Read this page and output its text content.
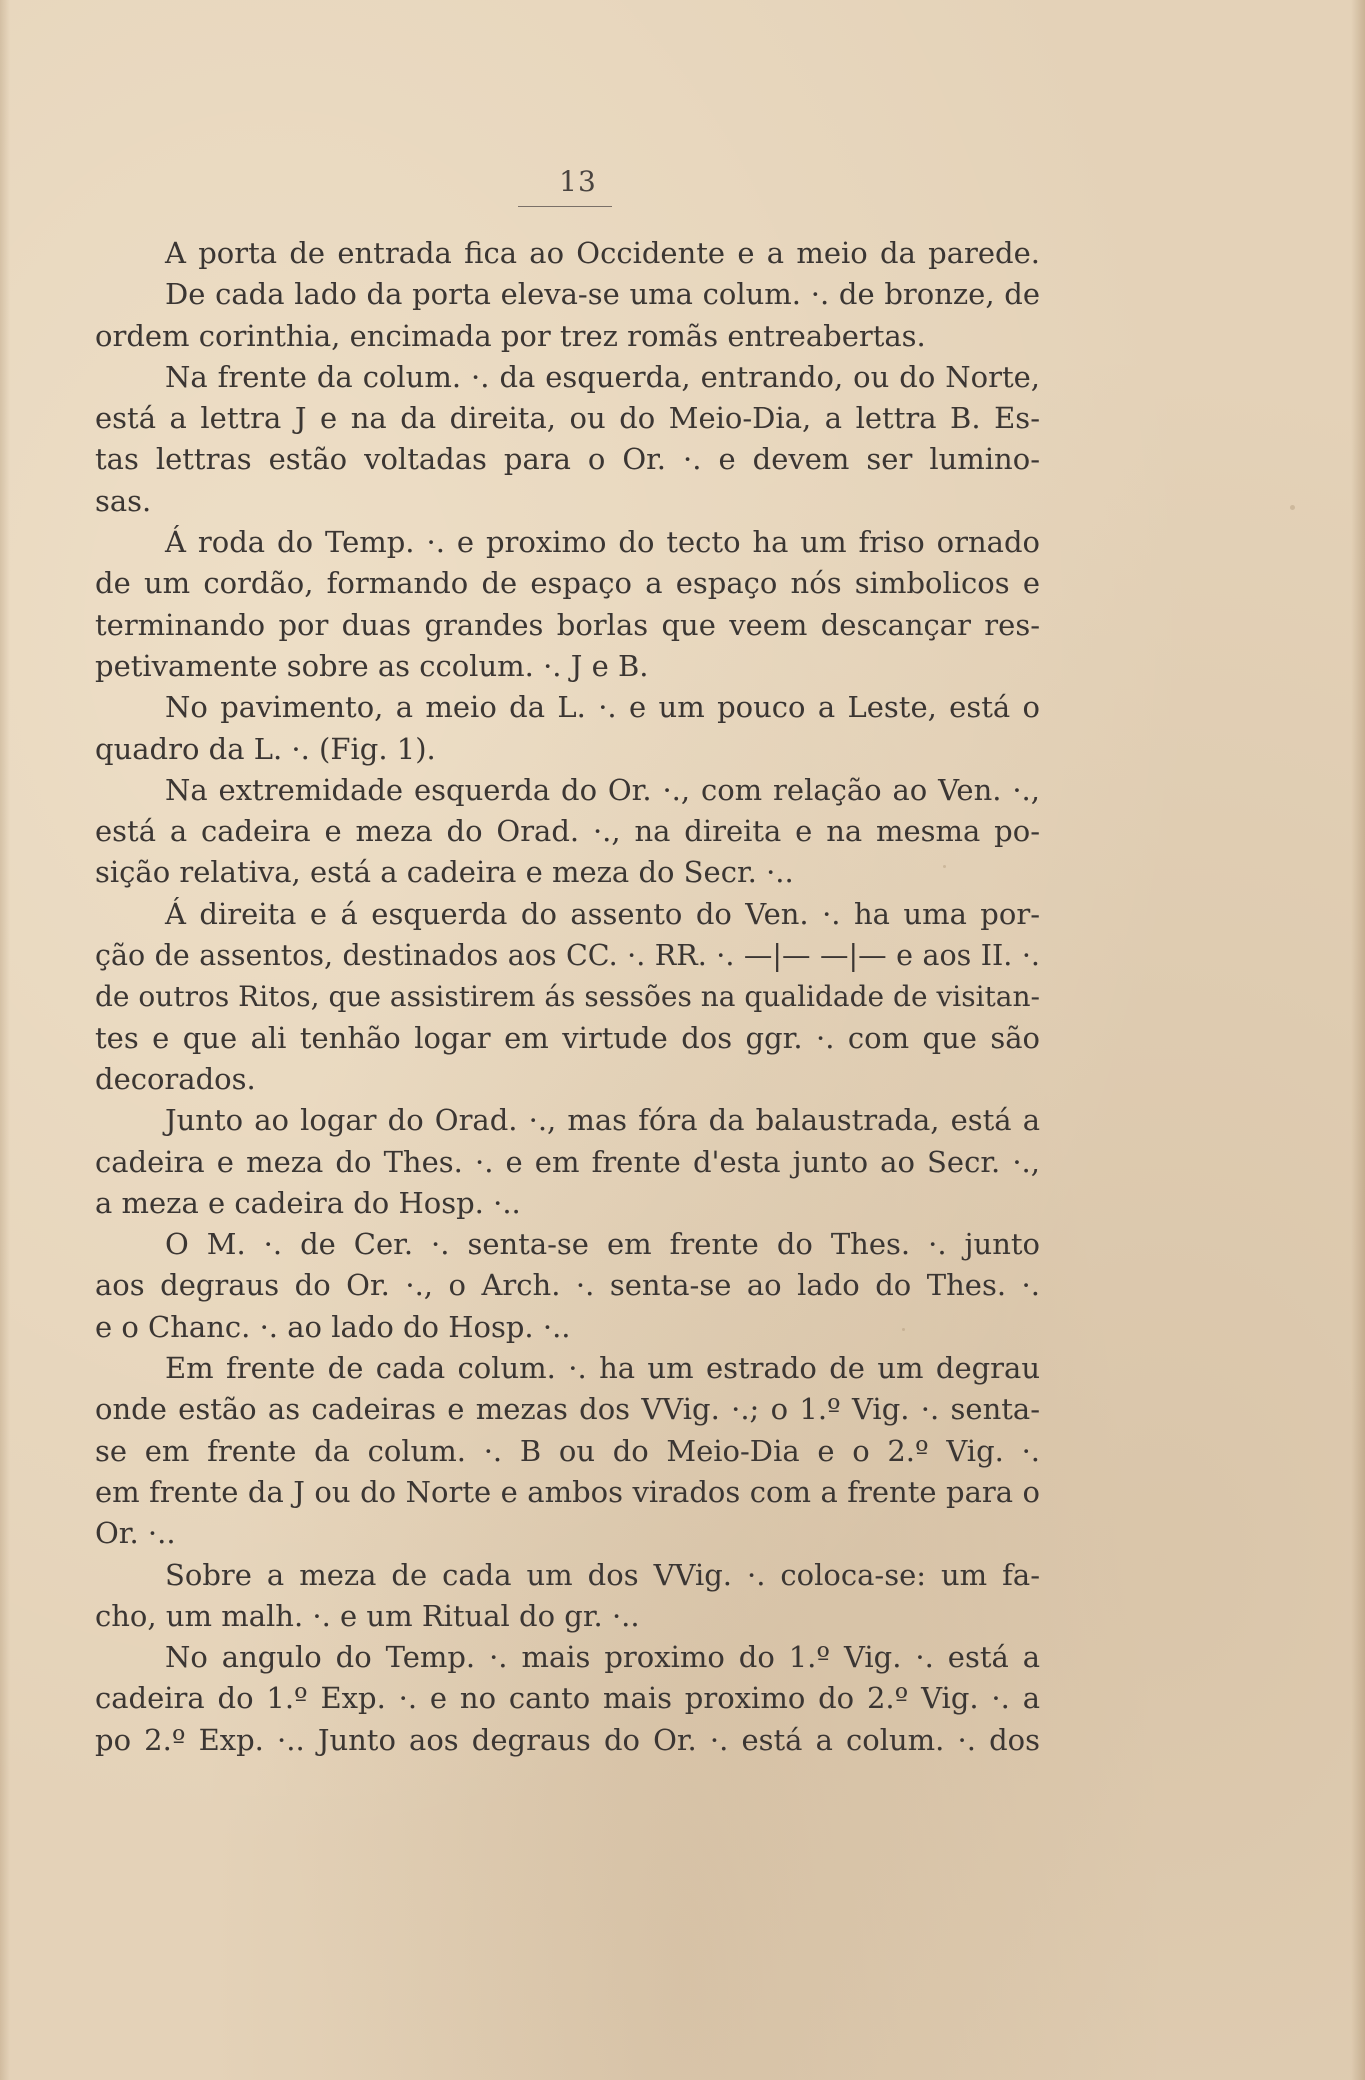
13
A porta de entrada fica ao Occidente e a meio da parede.
De cada lado da porta eleva-se uma colum. ·. de bronze, de
ordem corinthia, encimada por trez romãs entreabertas.
Na frente da colum. ·. da esquerda, entrando, ou do Norte,
está a lettra J e na da direita, ou do Meio-Dia, a lettra B. Es-
tas lettras estão voltadas para o Or. ·. e devem ser lumino-
sas.
Á roda do Temp. ·. e proximo do tecto ha um friso ornado
de um cordão, formando de espaço a espaço nós simbolicos e
terminando por duas grandes borlas que veem descançar res-
petivamente sobre as ccolum. ·. J e B.
No pavimento, a meio da L. ·. e um pouco a Leste, está o
quadro da L. ·. (Fig. 1).
Na extremidade esquerda do Or. ·., com relação ao Ven. ·.,
está a cadeira e meza do Orad. ·., na direita e na mesma po-
sição relativa, está a cadeira e meza do Secr. ·..
Á direita e á esquerda do assento do Ven. ·. ha uma por-
ção de assentos, destinados aos CC. ·. RR. ·. —|— —|— e aos II. ·.
de outros Ritos, que assistirem ás sessões na qualidade de visitan-
tes e que ali tenhão logar em virtude dos ggr. ·. com que são
decorados.
Junto ao logar do Orad. ·., mas fóra da balaustrada, está a
cadeira e meza do Thes. ·. e em frente d'esta junto ao Secr. ·.,
a meza e cadeira do Hosp. ·..
O M. ·. de Cer. ·. senta-se em frente do Thes. ·. junto
aos degraus do Or. ·., o Arch. ·. senta-se ao lado do Thes. ·.
e o Chanc. ·. ao lado do Hosp. ·..
Em frente de cada colum. ·. ha um estrado de um degrau
onde estão as cadeiras e mezas dos VVig. ·.; o 1.º Vig. ·. senta-
se em frente da colum. ·. B ou do Meio-Dia e o 2.º Vig. ·.
em frente da J ou do Norte e ambos virados com a frente para o
Or. ·..
Sobre a meza de cada um dos VVig. ·. coloca-se: um fa-
cho, um malh. ·. e um Ritual do gr. ·..
No angulo do Temp. ·. mais proximo do 1.º Vig. ·. está a
cadeira do 1.º Exp. ·. e no canto mais proximo do 2.º Vig. ·. a
po 2.º Exp. ·.. Junto aos degraus do Or. ·. está a colum. ·. dos
